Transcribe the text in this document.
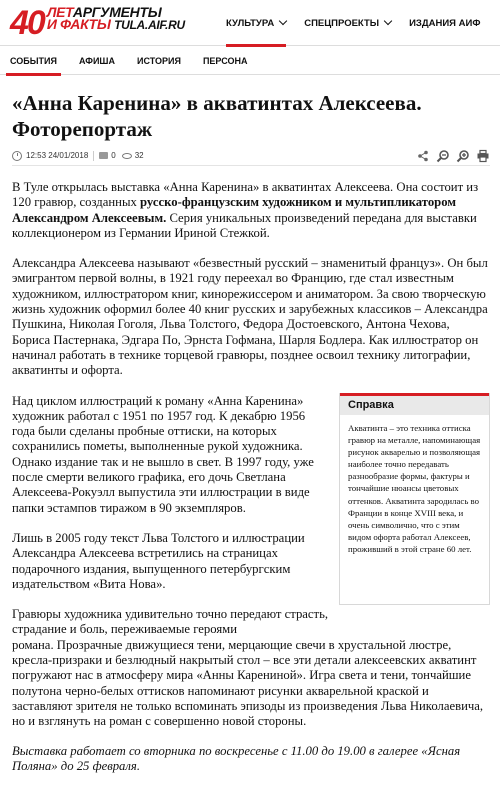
40 ЛЕТАРГУМЕНТЫ
И ФАКТЫ TULA.AIF.RU	КУЛЬТУРА	СПЕЦПРОЕКТЫ	ИЗДАНИЯ АИФ
СОБЫТИЯ АФИША ИСТОРИЯ ПЕРСОНА
«Анна Каренина» в акватинтах Алексеева. Фоторепортаж
12:53 24/01/2018	0 32

В Туле открылась выставка «Анна Каренина» в акватинтах Алексеева. Она состоит из 120 гравюр, созданных русско-французским художником и мультипликатором Александром Алексеевым. Серия уникальных произведений передана для выставки коллекционером из Германии Ириной Стежкой.

Александра Алексеева называют «безвестный русский – знаменитый француз». Он был эмигрантом первой волны, в 1921 году переехал во Францию, где стал известным художником, иллюстратором книг, кинорежиссером и аниматором. За свою творческую жизнь художник оформил более 40 книг русских и зарубежных классиков – Александра Пушкина, Николая Гоголя, Льва Толстого, Федора Достоевского, Антона Чехова, Бориса Пастернака, Эдгара По, Эрнста Гофмана, Шарля Бодлера. Как иллюстратор он начинал работать в технике торцевой гравюры, позднее освоил технику литографии, акватинты и офорта.

Над циклом иллюстраций к роману «Анна Каренина» художник работал с 1951 по 1957 год. К декабрю 1956 года были сделаны пробные оттиски, на которых сохранились пометы, выполненные рукой художника. Однако издание так и не вышло в свет. В 1997 году, уже после смерти великого графика, его дочь Светлана Алексеева-Рокуэлл выпустила эти иллюстрации в виде папки эстампов тиражом в 90 экземпляров.

Лишь в 2005 году текст Льва Толстого и иллюстрации Александра Алексеева встретились на страницах подарочного издания, выпущенного петербургским издательством «Вита Нова».

Гравюры художника удивительно точно передают страсть, страдание и боль, переживаемые героями
романа. Прозрачные движущиеся тени, мерцающие свечи в хрустальной люстре, кресла-призраки и безлюдный накрытый стол – все эти детали алексеевских акватинт погружают нас в атмосферу мира «Анны Карениной». Игра света и тени, тончайшие полутона черно-белых оттисков напоминают рисунки акварельной краской и заставляют зрителя не только вспоминать эпизоды из произведения Льва Николаевича, но и взглянуть на роман с совершенно новой стороны.

Выставка работает со вторника по воскресенье с 11.00 до 19.00 в галерее «Ясная Поляна» до 25 февраля.

Справка
Акватинта – это техника оттиска гравюр на металле, напоминающая рисунок акварелью и позволяющая наиболее точно передавать разнообразие формы, фактуры и тончайшие нюансы цветовых оттенков. Акватинта зародилась во Франции в конце XVIII века, и очень символично, что с этим видом офорта работал Алексеев, проживший в этой стране 60 лет.
